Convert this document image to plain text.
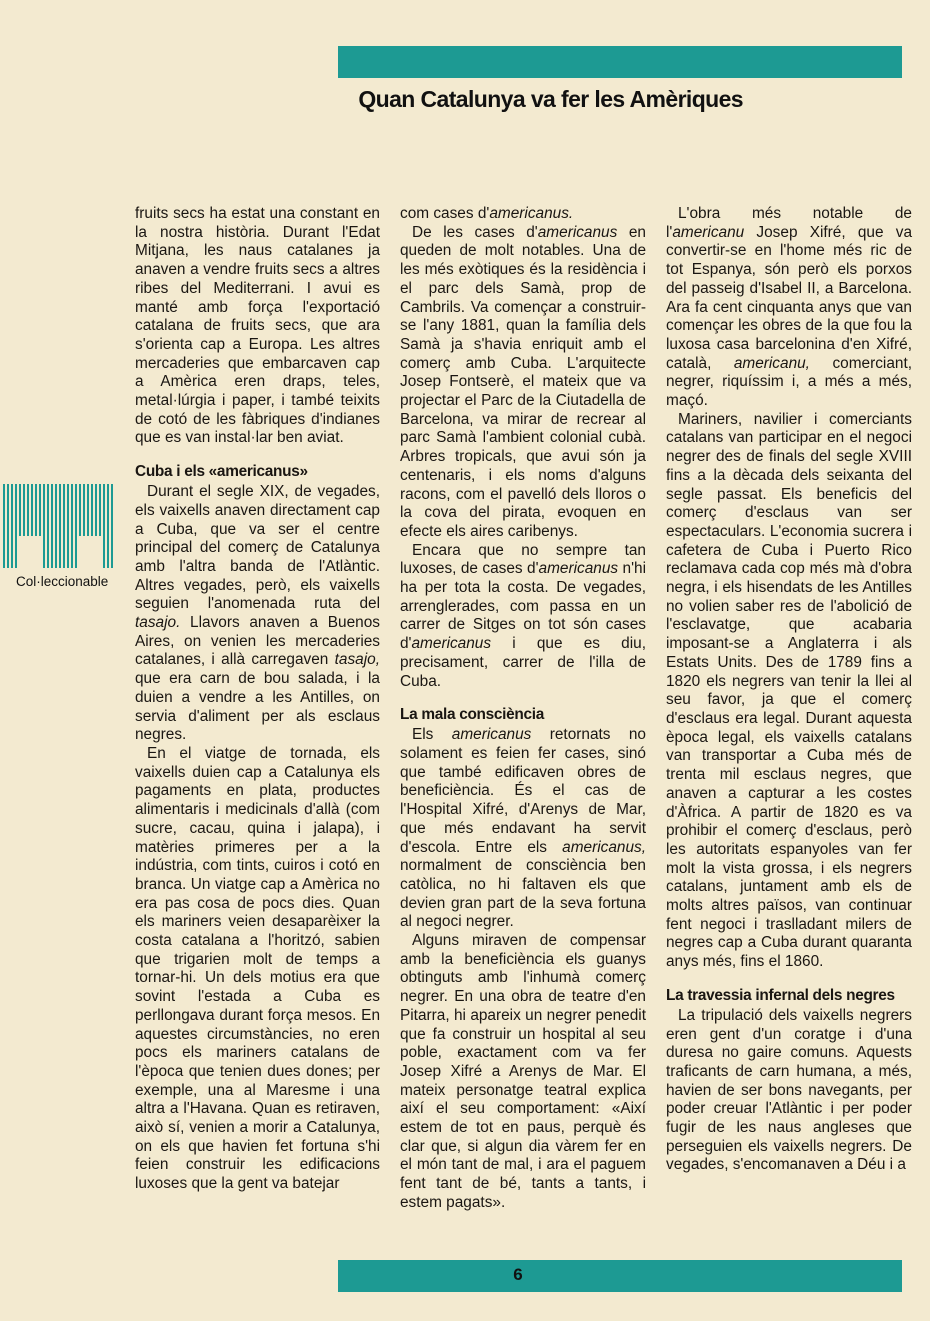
Quan Catalunya va fer les Amèriques
Col·leccionable

fruits secs ha estat una constant en la nostra història. Durant l'Edat Mitjana, les naus catalanes ja anaven a vendre fruits secs a altres ribes del Mediterrani. I avui es manté amb força l'exportació catalana de fruits secs, que ara s'orienta cap a Europa. Les altres mercaderies que embarcaven cap a Amèrica eren draps, teles, metal·lúrgia i paper, i també teixits de cotó de les fàbriques d'indianes que es van instal·lar ben aviat.

Cuba i els «americanus»

Durant el segle XIX, de vegades, els vaixells anaven directament cap a Cuba, que va ser el centre principal del comerç de Catalunya amb l'altra banda de l'Atlàntic. Altres vegades, però, els vaixells seguien l'anomenada ruta del tasajo. Llavors anaven a Buenos Aires, on venien les mercaderies catalanes, i allà carregaven tasajo, que era carn de bou salada, i la duien a vendre a les Antilles, on servia d'aliment per als esclaus negres.

En el viatge de tornada, els vaixells duien cap a Catalunya els pagaments en plata, productes alimentaris i medicinals d'allà (com sucre, cacau, quina i jalapa), i matèries primeres per a la indústria, com tints, cuiros i cotó en branca. Un viatge cap a Amèrica no era pas cosa de pocs dies. Quan els mariners veien desaparèixer la costa catalana a l'horitzó, sabien que trigarien molt de temps a tornar-hi. Un dels motius era que sovint l'estada a Cuba es perllongava durant força mesos. En aquestes circumstàncies, no eren pocs els mariners catalans de l'època que tenien dues dones; per exemple, una al Maresme i una altra a l'Havana. Quan es retiraven, això sí, venien a morir a Catalunya, on els que havien fet fortuna s'hi feien construir les edificacions luxoses que la gent va batejar

com cases d'americanus.

De les cases d'americanus en queden de molt notables. Una de les més exòtiques és la residència i el parc dels Samà, prop de Cambrils. Va començar a construir-se l'any 1881, quan la família dels Samà ja s'havia enriquit amb el comerç amb Cuba. L'arquitecte Josep Fontserè, el mateix que va projectar el Parc de la Ciutadella de Barcelona, va mirar de recrear al parc Samà l'ambient colonial cubà. Arbres tropicals, que avui són ja centenaris, i els noms d'alguns racons, com el pavelló dels lloros o la cova del pirata, evoquen en efecte els aires caribenys.

Encara que no sempre tan luxoses, de cases d'americanus n'hi ha per tota la costa. De vegades, arrenglerades, com passa en un carrer de Sitges on tot són cases d'americanus i que es diu, precisament, carrer de l'illa de Cuba.

La mala consciència

Els americanus retornats no solament es feien fer cases, sinó que també edificaven obres de beneficiència. És el cas de l'Hospital Xifré, d'Arenys de Mar, que més endavant ha servit d'escola. Entre els americanus, normalment de consciència ben catòlica, no hi faltaven els que devien gran part de la seva fortuna al negoci negrer.

Alguns miraven de compensar amb la beneficiència els guanys obtinguts amb l'inhumà comerç negrer. En una obra de teatre d'en Pitarra, hi apareix un negrer penedit que fa construir un hospital al seu poble, exactament com va fer Josep Xifré a Arenys de Mar. El mateix personatge teatral explica així el seu comportament: «Així estem de tot en paus, perquè és clar que, si algun dia vàrem fer en el món tant de mal, i ara el paguem fent tant de bé, tants a tants, i estem pagats».

L'obra més notable de l'americanu Josep Xifré, que va convertir-se en l'home més ric de tot Espanya, són però els porxos del passeig d'Isabel II, a Barcelona. Ara fa cent cinquanta anys que van començar les obres de la que fou la luxosa casa barcelonina d'en Xifré, català, americanu, comerciant, negrer, riquíssim i, a més a més, maçó.

Mariners, navilier i comerciants catalans van participar en el negoci negrer des de finals del segle XVIII fins a la dècada dels seixanta del segle passat. Els beneficis del comerç d'esclaus van ser espectaculars. L'economia sucrera i cafetera de Cuba i Puerto Rico reclamava cada cop més mà d'obra negra, i els hisendats de les Antilles no volien saber res de l'abolició de l'esclavatge, que acabaria imposant-se a Anglaterra i als Estats Units. Des de 1789 fins a 1820 els negrers van tenir la llei al seu favor, ja que el comerç d'esclaus era legal. Durant aquesta època legal, els vaixells catalans van transportar a Cuba més de trenta mil esclaus negres, que anaven a capturar a les costes d'Àfrica. A partir de 1820 es va prohibir el comerç d'esclaus, però les autoritats espanyoles van fer molt la vista grossa, i els negrers catalans, juntament amb els de molts altres països, van continuar fent negoci i traslladant milers de negres cap a Cuba durant quaranta anys més, fins el 1860.

La travessia infernal dels negres

La tripulació dels vaixells negrers eren gent d'un coratge i d'una duresa no gaire comuns. Aquests traficants de carn humana, a més, havien de ser bons navegants, per poder creuar l'Atlàntic i per poder fugir de les naus angleses que perseguien els vaixells negrers. De vegades, s'encomanaven a Déu i a

6
